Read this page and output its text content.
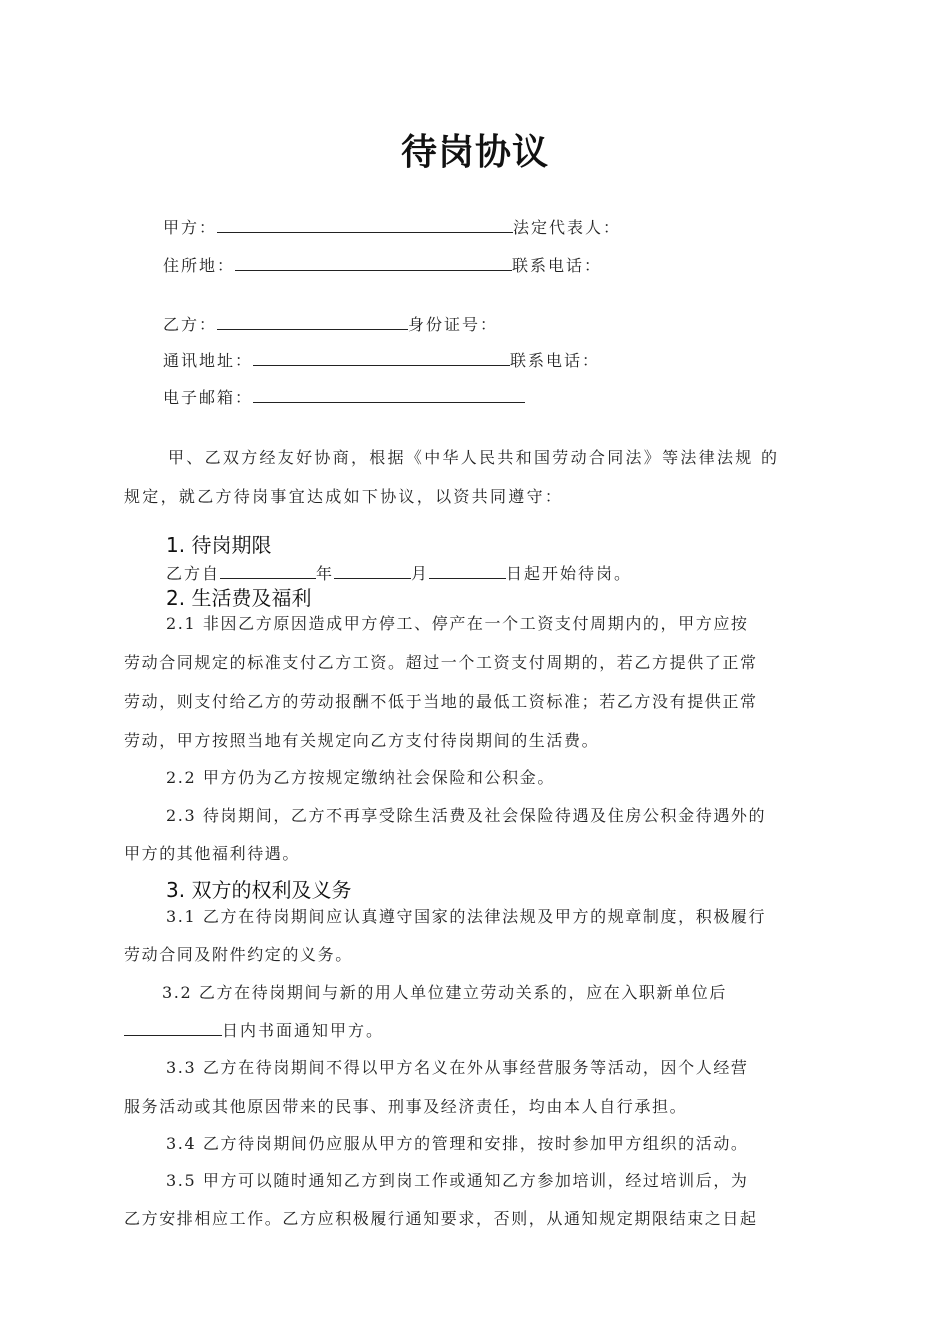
待岗协议
甲方：	法定代表人：
住所地：	联系电话：
乙方：	身份证号：
通讯地址：	联系电话：
电子邮箱：
甲、乙双方经友好协商，根据《中华人民共和国劳动合同法》等法律法规 的
规定，就乙方待岗事宜达成如下协议，以资共同遵守：
1. 待岗期限
乙方自	年	月	日起开始待岗。
2. 生活费及福利
2.1 非因乙方原因造成甲方停工、停产在一个工资支付周期内的，甲方应按
劳动合同规定的标准支付乙方工资。超过一个工资支付周期的，若乙方提供了正常
劳动，则支付给乙方的劳动报酬不低于当地的最低工资标准；若乙方没有提供正常
劳动，甲方按照当地有关规定向乙方支付待岗期间的生活费。
2.2 甲方仍为乙方按规定缴纳社会保险和公积金。
2.3 待岗期间，乙方不再享受除生活费及社会保险待遇及住房公积金待遇外的
甲方的其他福利待遇。
3. 双方的权利及义务
3.1 乙方在待岗期间应认真遵守国家的法律法规及甲方的规章制度，积极履行
劳动合同及附件约定的义务。
3.2 乙方在待岗期间与新的用人单位建立劳动关系的，应在入职新单位后
日内书面通知甲方。
3.3 乙方在待岗期间不得以甲方名义在外从事经营服务等活动，因个人经营
服务活动或其他原因带来的民事、刑事及经济责任，均由本人自行承担。
3.4 乙方待岗期间仍应服从甲方的管理和安排，按时参加甲方组织的活动。
3.5 甲方可以随时通知乙方到岗工作或通知乙方参加培训，经过培训后，为
乙方安排相应工作。乙方应积极履行通知要求，否则，从通知规定期限结束之日起
